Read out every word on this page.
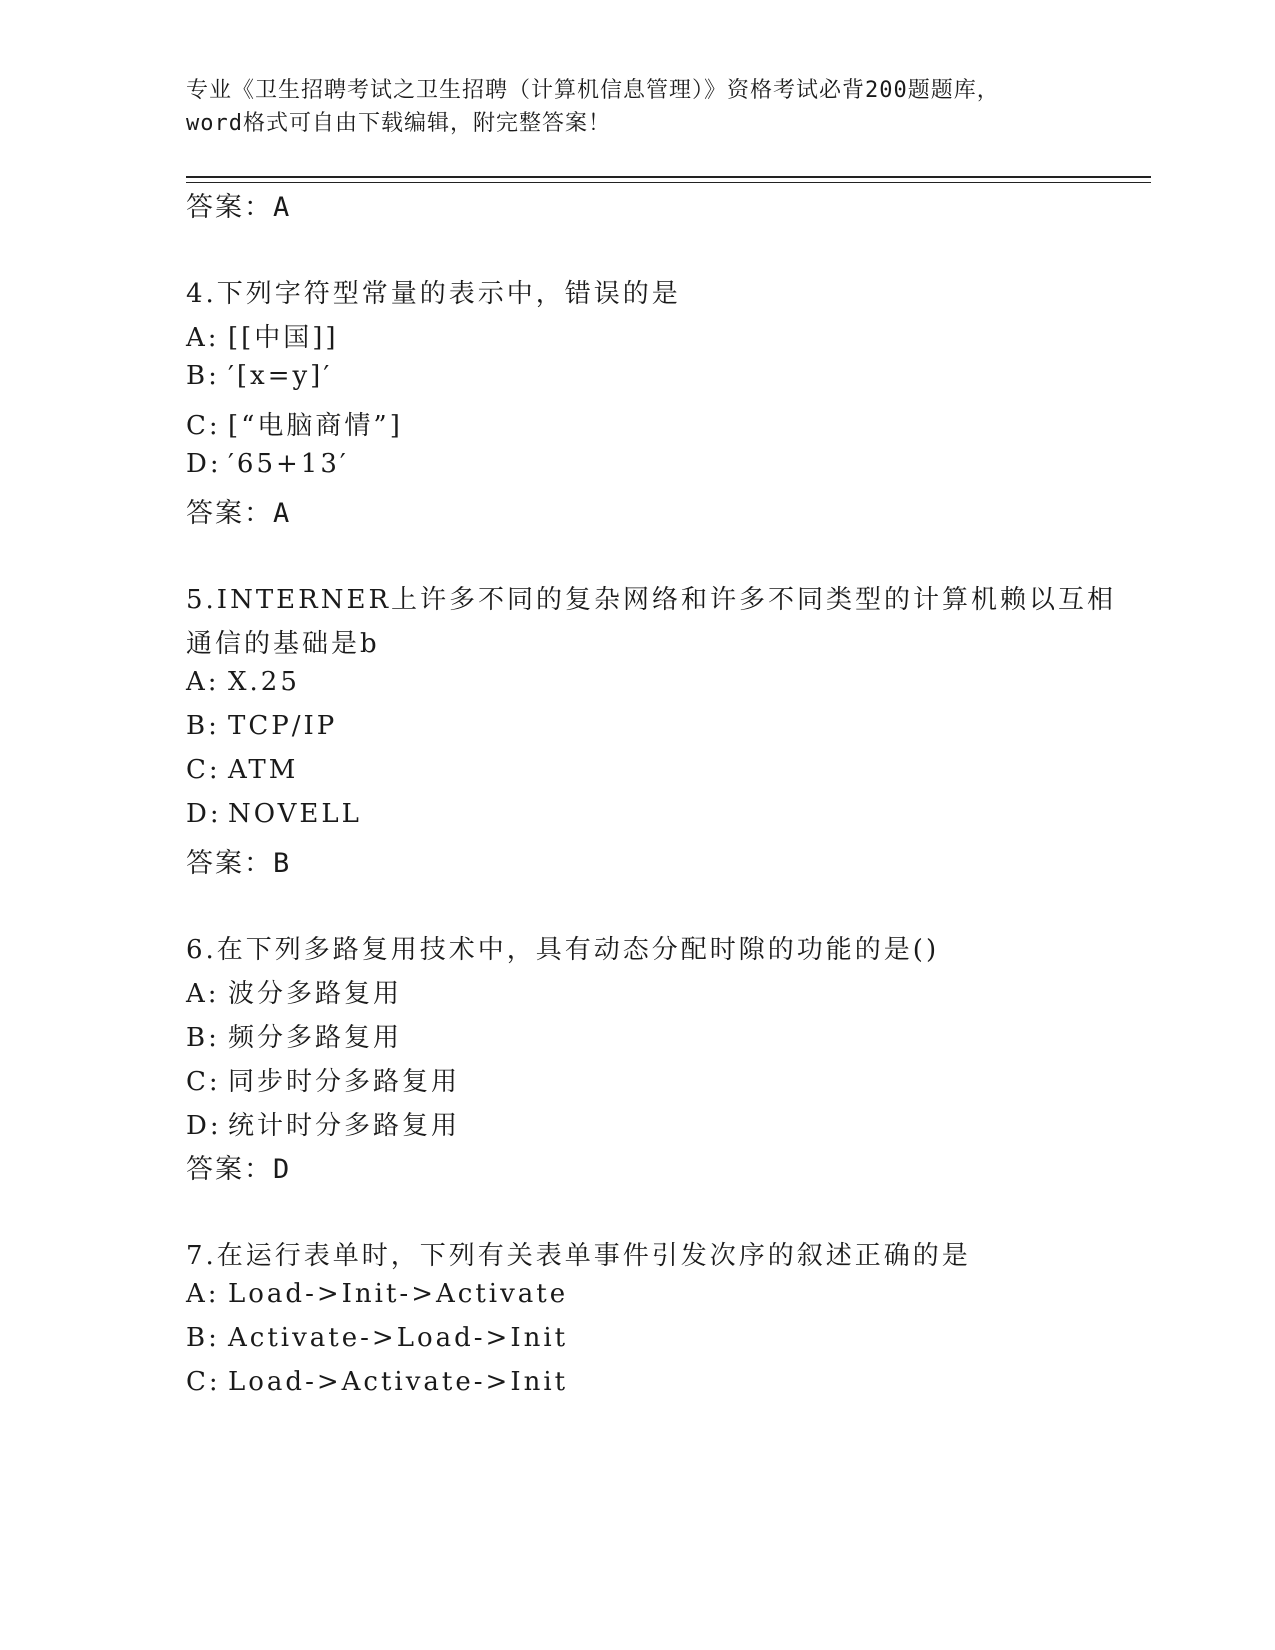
专业《卫生招聘考试之卫生招聘（计算机信息管理）》资格考试必背200题题库，
word格式可自由下载编辑，附完整答案！
答案：A
4.下列字符型常量的表示中，错误的是
A: [[中国]]
B: ′[x=y]′
C: [“电脑商情”]
D: ′65+13′
答案：A
5.INTERNER上许多不同的复杂网络和许多不同类型的计算机赖以互相
通信的基础是b
A: X.25
B: TCP/IP
C: ATM
D: NOVELL
答案：B
6.在下列多路复用技术中，具有动态分配时隙的功能的是()
A: 波分多路复用
B: 频分多路复用
C: 同步时分多路复用
D: 统计时分多路复用
答案：D
7.在运行表单时，下列有关表单事件引发次序的叙述正确的是
A: Load->Init->Activate
B: Activate->Load->Init
C: Load->Activate->Init
